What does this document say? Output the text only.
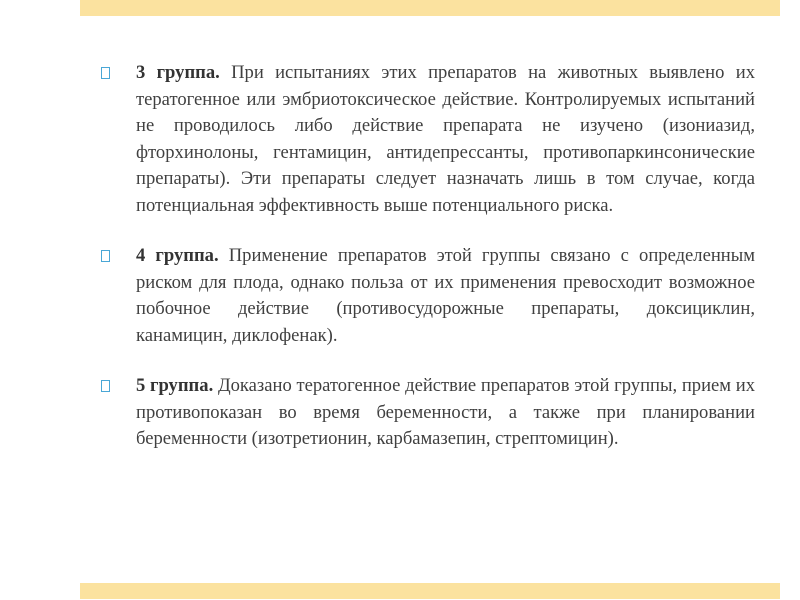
3 группа. При испытаниях этих препаратов на животных выявлено их тератогенное или эмбриотоксическое действие. Контролируемых испытаний не проводилось либо действие препарата не изучено (изониазид, фторхинолоны, гентамицин, антидепрессанты, противопаркинсонические препараты). Эти препараты следует назначать лишь в том случае, когда потенциальная эффективность выше потенциального риска.
4 группа. Применение препаратов этой группы связано с определенным риском для плода, однако польза от их применения превосходит возможное побочное действие (противосудорожные препараты, доксициклин, канамицин, диклофенак).
5 группа. Доказано тератогенное действие препаратов этой группы, прием их противопоказан во время беременности, а также при планировании беременности (изотретионин, карбамазепин, стрептомицин).
